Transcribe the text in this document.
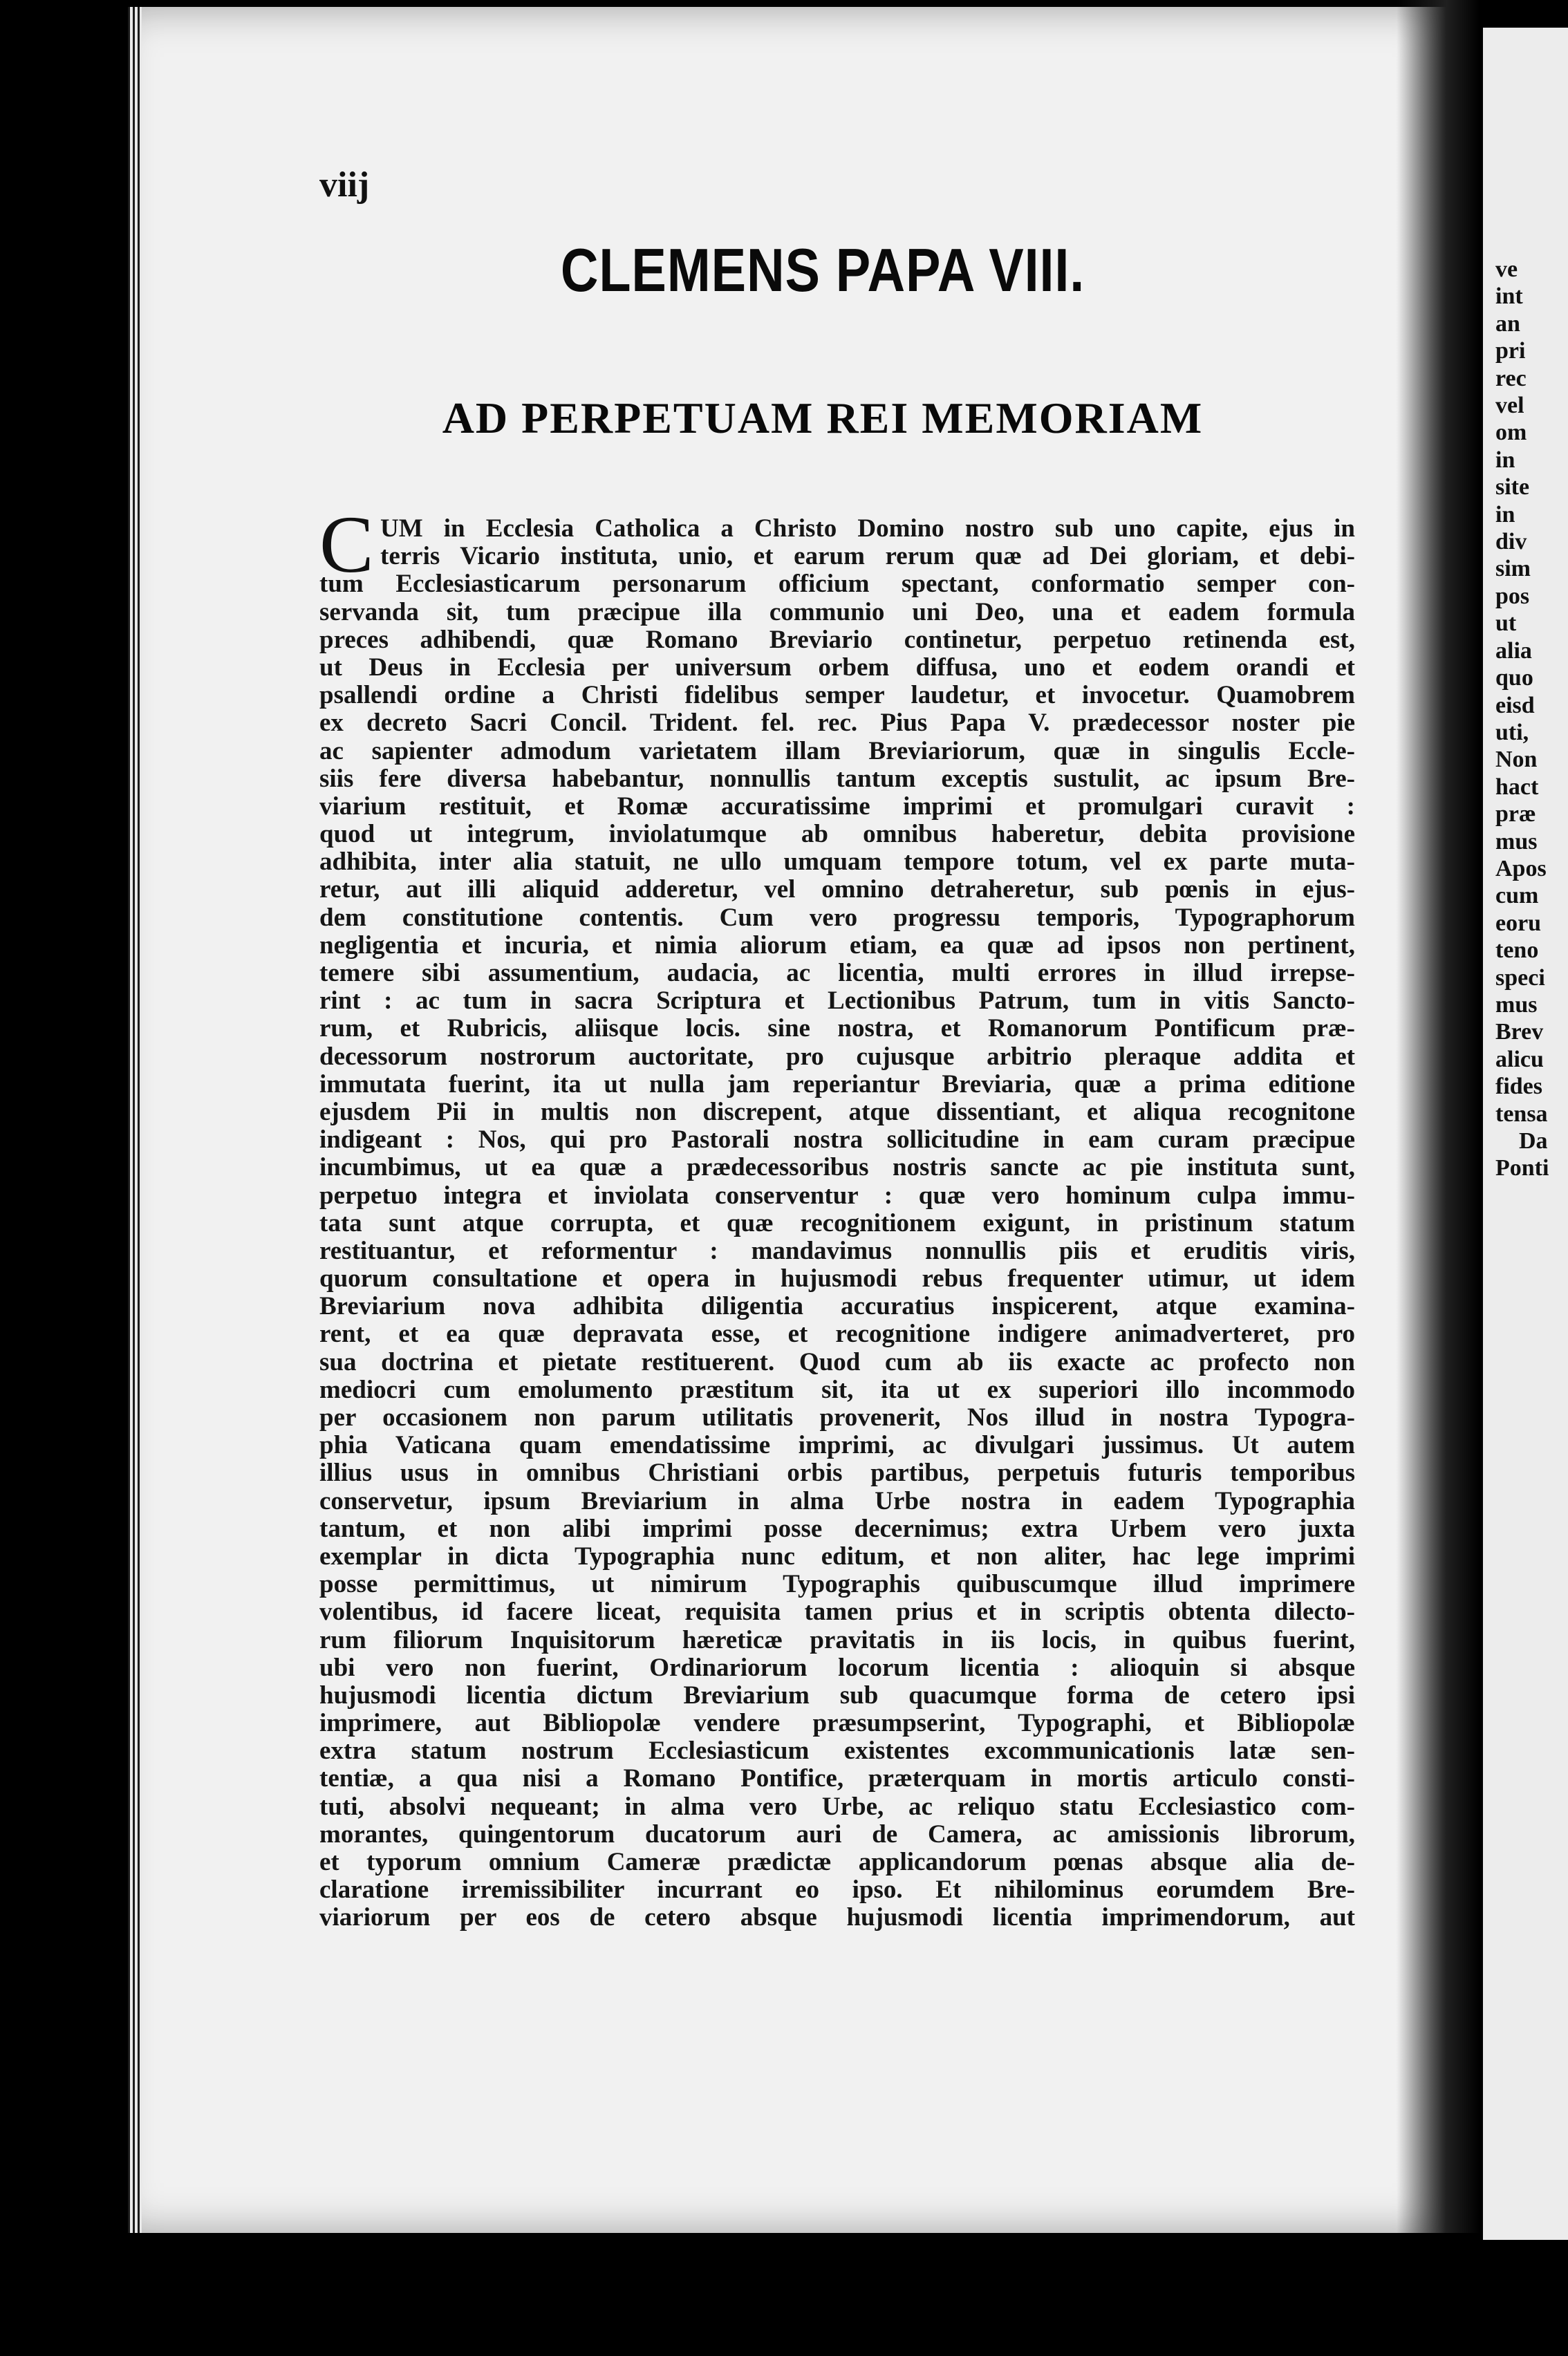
ve
int
an
pri
rec
vel
om
in
site
in
div
sim
pos
ut
alia
quo
eisd
uti,
Non
hact
præ
mus
Apos
cum
eoru
teno
speci
mus
Brev
alicu
fides
tensa
Da
Ponti
viij
CLEMENS PAPA VIII.
AD PERPETUAM REI MEMORIAM
C UM in Ecclesia Catholica a Christo Domino nostro sub uno capite, ejus in
terris Vicario instituta, unio, et earum rerum quæ ad Dei gloriam, et debi-
tum Ecclesiasticarum personarum officium spectant, conformatio semper con-
servanda sit, tum præcipue illa communio uni Deo, una et eadem formula
preces adhibendi, quæ Romano Breviario continetur, perpetuo retinenda est,
ut Deus in Ecclesia per universum orbem diffusa, uno et eodem orandi et
psallendi ordine a Christi fidelibus semper laudetur, et invocetur. Quamobrem
ex decreto Sacri Concil. Trident. fel. rec. Pius Papa V. prædecessor noster pie
ac sapienter admodum varietatem illam Breviariorum, quæ in singulis Eccle-
siis fere diversa habebantur, nonnullis tantum exceptis sustulit, ac ipsum Bre-
viarium restituit, et Romæ accuratissime imprimi et promulgari curavit :
quod ut integrum, inviolatumque ab omnibus haberetur, debita provisione
adhibita, inter alia statuit, ne ullo umquam tempore totum, vel ex parte muta-
retur, aut illi aliquid adderetur, vel omnino detraheretur, sub pœnis in ejus-
dem constitutione contentis. Cum vero progressu temporis, Typographorum
negligentia et incuria, et nimia aliorum etiam, ea quæ ad ipsos non pertinent,
temere sibi assumentium, audacia, ac licentia, multi errores in illud irrepse-
rint : ac tum in sacra Scriptura et Lectionibus Patrum, tum in vitis Sancto-
rum, et Rubricis, aliisque locis. sine nostra, et Romanorum Pontificum præ-
decessorum nostrorum auctoritate, pro cujusque arbitrio pleraque addita et
immutata fuerint, ita ut nulla jam reperiantur Breviaria, quæ a prima editione
ejusdem Pii in multis non discrepent, atque dissentiant, et aliqua recognitone
indigeant : Nos, qui pro Pastorali nostra sollicitudine in eam curam præcipue
incumbimus, ut ea quæ a prædecessoribus nostris sancte ac pie instituta sunt,
perpetuo integra et inviolata conserventur : quæ vero hominum culpa immu-
tata sunt atque corrupta, et quæ recognitionem exigunt, in pristinum statum
restituantur, et reformentur : mandavimus nonnullis piis et eruditis viris,
quorum consultatione et opera in hujusmodi rebus frequenter utimur, ut idem
Breviarium nova adhibita diligentia accuratius inspicerent, atque examina-
rent, et ea quæ depravata esse, et recognitione indigere animadverteret, pro
sua doctrina et pietate restituerent. Quod cum ab iis exacte ac profecto non
mediocri cum emolumento præstitum sit, ita ut ex superiori illo incommodo
per occasionem non parum utilitatis provenerit, Nos illud in nostra Typogra-
phia Vaticana quam emendatissime imprimi, ac divulgari jussimus. Ut autem
illius usus in omnibus Christiani orbis partibus, perpetuis futuris temporibus
conservetur, ipsum Breviarium in alma Urbe nostra in eadem Typographia
tantum, et non alibi imprimi posse decernimus; extra Urbem vero juxta
exemplar in dicta Typographia nunc editum, et non aliter, hac lege imprimi
posse permittimus, ut nimirum Typographis quibuscumque illud imprimere
volentibus, id facere liceat, requisita tamen prius et in scriptis obtenta dilecto-
rum filiorum Inquisitorum hæreticæ pravitatis in iis locis, in quibus fuerint,
ubi vero non fuerint, Ordinariorum locorum licentia : alioquin si absque
hujusmodi licentia dictum Breviarium sub quacumque forma de cetero ipsi
imprimere, aut Bibliopolæ vendere præsumpserint, Typographi, et Bibliopolæ
extra statum nostrum Ecclesiasticum existentes excommunicationis latæ sen-
tentiæ, a qua nisi a Romano Pontifice, præterquam in mortis articulo consti-
tuti, absolvi nequeant; in alma vero Urbe, ac reliquo statu Ecclesiastico com-
morantes, quingentorum ducatorum auri de Camera, ac amissionis librorum,
et typorum omnium Cameræ prædictæ applicandorum pœnas absque alia de-
claratione irremissibiliter incurrant eo ipso. Et nihilominus eorumdem Bre-
viariorum per eos de cetero absque hujusmodi licentia imprimendorum, aut
